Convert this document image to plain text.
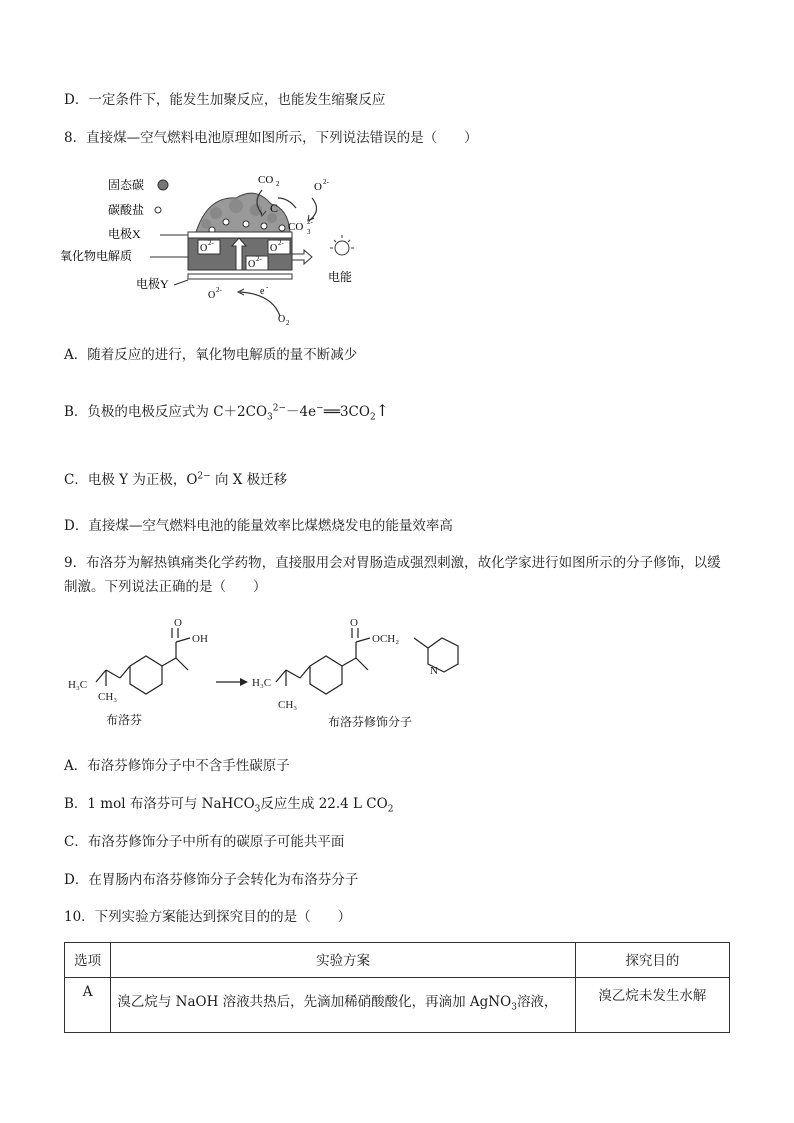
D．一定条件下，能发生加聚反应，也能发生缩聚反应
8．直接煤—空气燃料电池原理如图所示，下列说法错误的是（　　）
固态碳
碳酸盐
电极X
氧化物电解质
电极Y
O 2-	O 2-
O 2-
CO 2	O 2-
C
CO 3
2-
电能
O 2-	e -
O 2
A．随着反应的进行，氧化物电解质的量不断减少
B．负极的电极反应式为 $C+2CO_3^{2-}-4e^-══3CO_2↑$
C．电极 Y 为正极，$O^{2-}$ 向 X 极迁移
D．直接煤—空气燃料电池的能量效率比煤燃烧发电的能量效率高
9．布洛芬为解热镇痛类化学药物，直接服用会对胃肠造成强烈刺激，故化学家进行如图所示的分子修饰，以缓制激。下列说法正确的是（　　）
O
OH
H₃C
CH₃
O
OCH₂
H₃C
CH₃
N
布洛芬	布洛芬修饰分子
A．布洛芬修饰分子中不含手性碳原子
B．1 mol 布洛芬可与 NaHCO$_3$反应生成 22.4 L $CO_2$
C．布洛芬修饰分子中所有的碳原子可能共平面
D．在胃肠内布洛芬修饰分子会转化为布洛芬分子
10．下列实验方案能达到探究目的的是（　　）
选项	实验方案	探究目的
A	溴乙烷与 NaOH 溶液共热后，先滴加稀硝酸酸化，再滴加 AgNO$_3$溶液，	溴乙烷未发生水解
